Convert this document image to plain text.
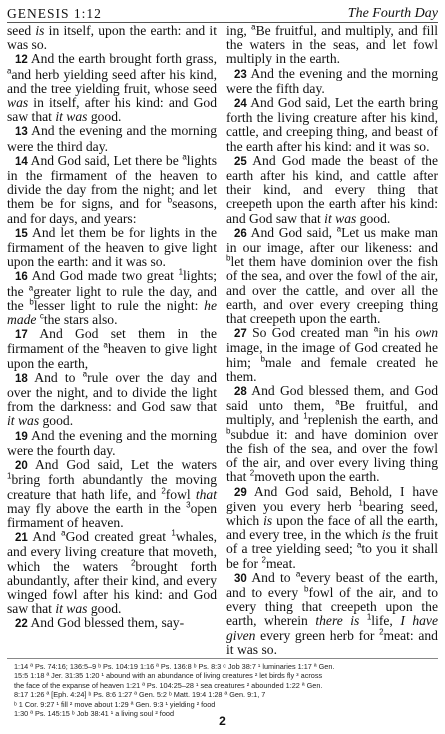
GENESIS 1:12	The Fourth Day

seed is in itself, upon the earth: and it was so.

12 And the earth brought forth grass, $^a$and herb yielding seed after his kind, and the tree yielding fruit, whose seed was in itself, after his kind: and God saw that it was good.

13 And the evening and the morning were the third day.

14 And God said, Let there be $^a$lights in the firmament of the heaven to divide the day from the night; and let them be for signs, and for $^b$seasons, and for days, and years:

15 And let them be for lights in the firmament of the heaven to give light upon the earth: and it was so.

16 And God made two great $^1$lights; the $^a$greater light to rule the day, and the $^b$lesser light to rule the night: he made $^c$the stars also.

17 And God set them in the firmament of the $^a$heaven to give light upon the earth,

18 And to $^a$rule over the day and over the night, and to divide the light from the darkness: and God saw that it was good.

19 And the evening and the morning were the fourth day.

20 And God said, Let the waters $^1$bring forth abundantly the moving creature that hath life, and $^2$fowl that may fly above the earth in the $^3$open firmament of heaven.

21 And $^a$God created great $^1$whales, and every living creature that moveth, which the waters $^2$brought forth abundantly, after their kind, and every winged fowl after his kind: and God saw that it was good.

22 And God blessed them, say-

ing, $^a$Be fruitful, and multiply, and fill the waters in the seas, and let fowl multiply in the earth.

23 And the evening and the morning were the fifth day.

24 And God said, Let the earth bring forth the living creature after his kind, cattle, and creeping thing, and beast of the earth after his kind: and it was so.

25 And God made the beast of the earth after his kind, and cattle after their kind, and every thing that creepeth upon the earth after his kind: and God saw that it was good.

26 And God said, $^a$Let us make man in our image, after our likeness: and $^b$let them have dominion over the fish of the sea, and over the fowl of the air, and over the cattle, and over all the earth, and over every creeping thing that creepeth upon the earth.

27 So God created man $^a$in his own image, in the image of God created he him; $^b$male and female created he them.

28 And God blessed them, and God said unto them, $^a$Be fruitful, and multiply, and $^1$replenish the earth, and $^b$subdue it: and have dominion over the fish of the sea, and over the fowl of the air, and over every living thing that $^2$moveth upon the earth.

29 And God said, Behold, I have given you every herb $^1$bearing seed, which is upon the face of all the earth, and every tree, in the which is the fruit of a tree yielding seed; $^a$to you it shall be for $^2$meat.

30 And to $^a$every beast of the earth, and to every $^b$fowl of the air, and to every thing that creepeth upon the earth, wherein there is $^1$life, I have given every green herb for $^2$meat: and it was so.

1:14 ª Ps. 74:16; 136:5–9 ᵇ Ps. 104:19 1:16 ª Ps. 136:8 ᵇ Ps. 8:3 ᶜ Job 38:7 ¹ luminaries 1:17 ª Gen.
15:5 1:18 ª Jer. 31:35 1:20 ¹ abound with an abundance of living creatures ² let birds fly ³ across
the face of the expanse of heaven 1:21 ª Ps. 104:25–28 ¹ sea creatures ² abounded 1:22 ª Gen.
8:17 1:26 ª [Eph. 4:24] ᵇ Ps. 8:6 1:27 ª Gen. 5:2 ᵇ Matt. 19:4 1:28 ª Gen. 9:1, 7
ᵇ 1 Cor. 9:27 ¹ fill ² move about 1:29 ª Gen. 9:3 ¹ yielding ² food
1:30 ª Ps. 145:15 ᵇ Job 38:41 ¹ a living soul ² food
2
